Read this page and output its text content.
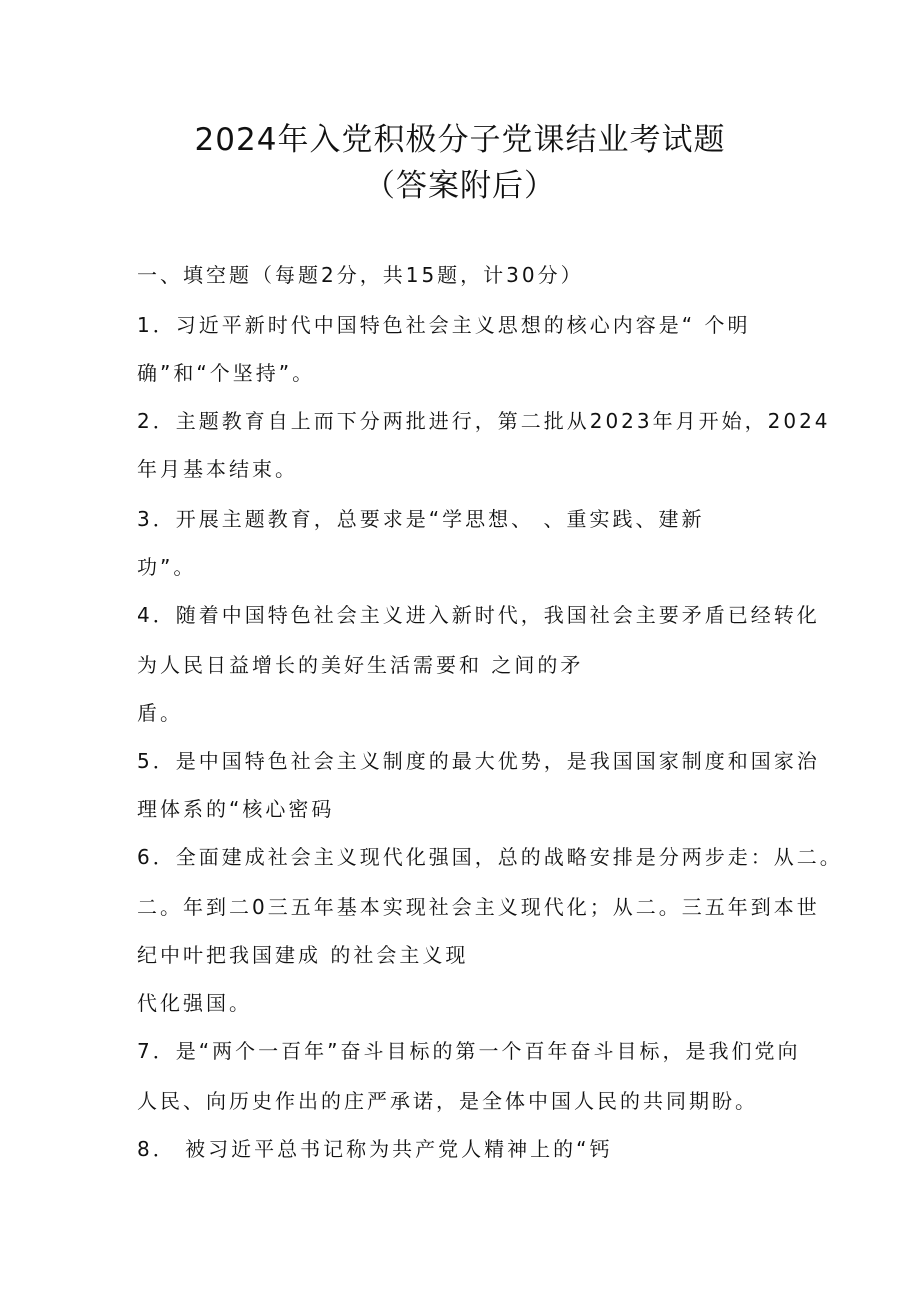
2024年入党积极分子党课结业考试题
（答案附后）
一、填空题（每题2分，共15题，计30分）
1．习近平新时代中国特色社会主义思想的核心内容是“ 个明
确”和“个坚持”。
2．主题教育自上而下分两批进行，第二批从2023年月开始，2024
年月基本结束。
3．开展主题教育，总要求是“学思想、 、重实践、建新
功”。
4．随着中国特色社会主义进入新时代，我国社会主要矛盾已经转化
为人民日益增长的美好生活需要和 之间的矛
盾。
5．是中国特色社会主义制度的最大优势，是我国国家制度和国家治
理体系的“核心密码
6．全面建成社会主义现代化强国，总的战略安排是分两步走：从二。
二。年到二0三五年基本实现社会主义现代化；从二。三五年到本世
纪中叶把我国建成 的社会主义现
代化强国。
7．是“两个一百年”奋斗目标的第一个百年奋斗目标，是我们党向
人民、向历史作出的庄严承诺，是全体中国人民的共同期盼。
8． 被习近平总书记称为共产党人精神上的“钙
